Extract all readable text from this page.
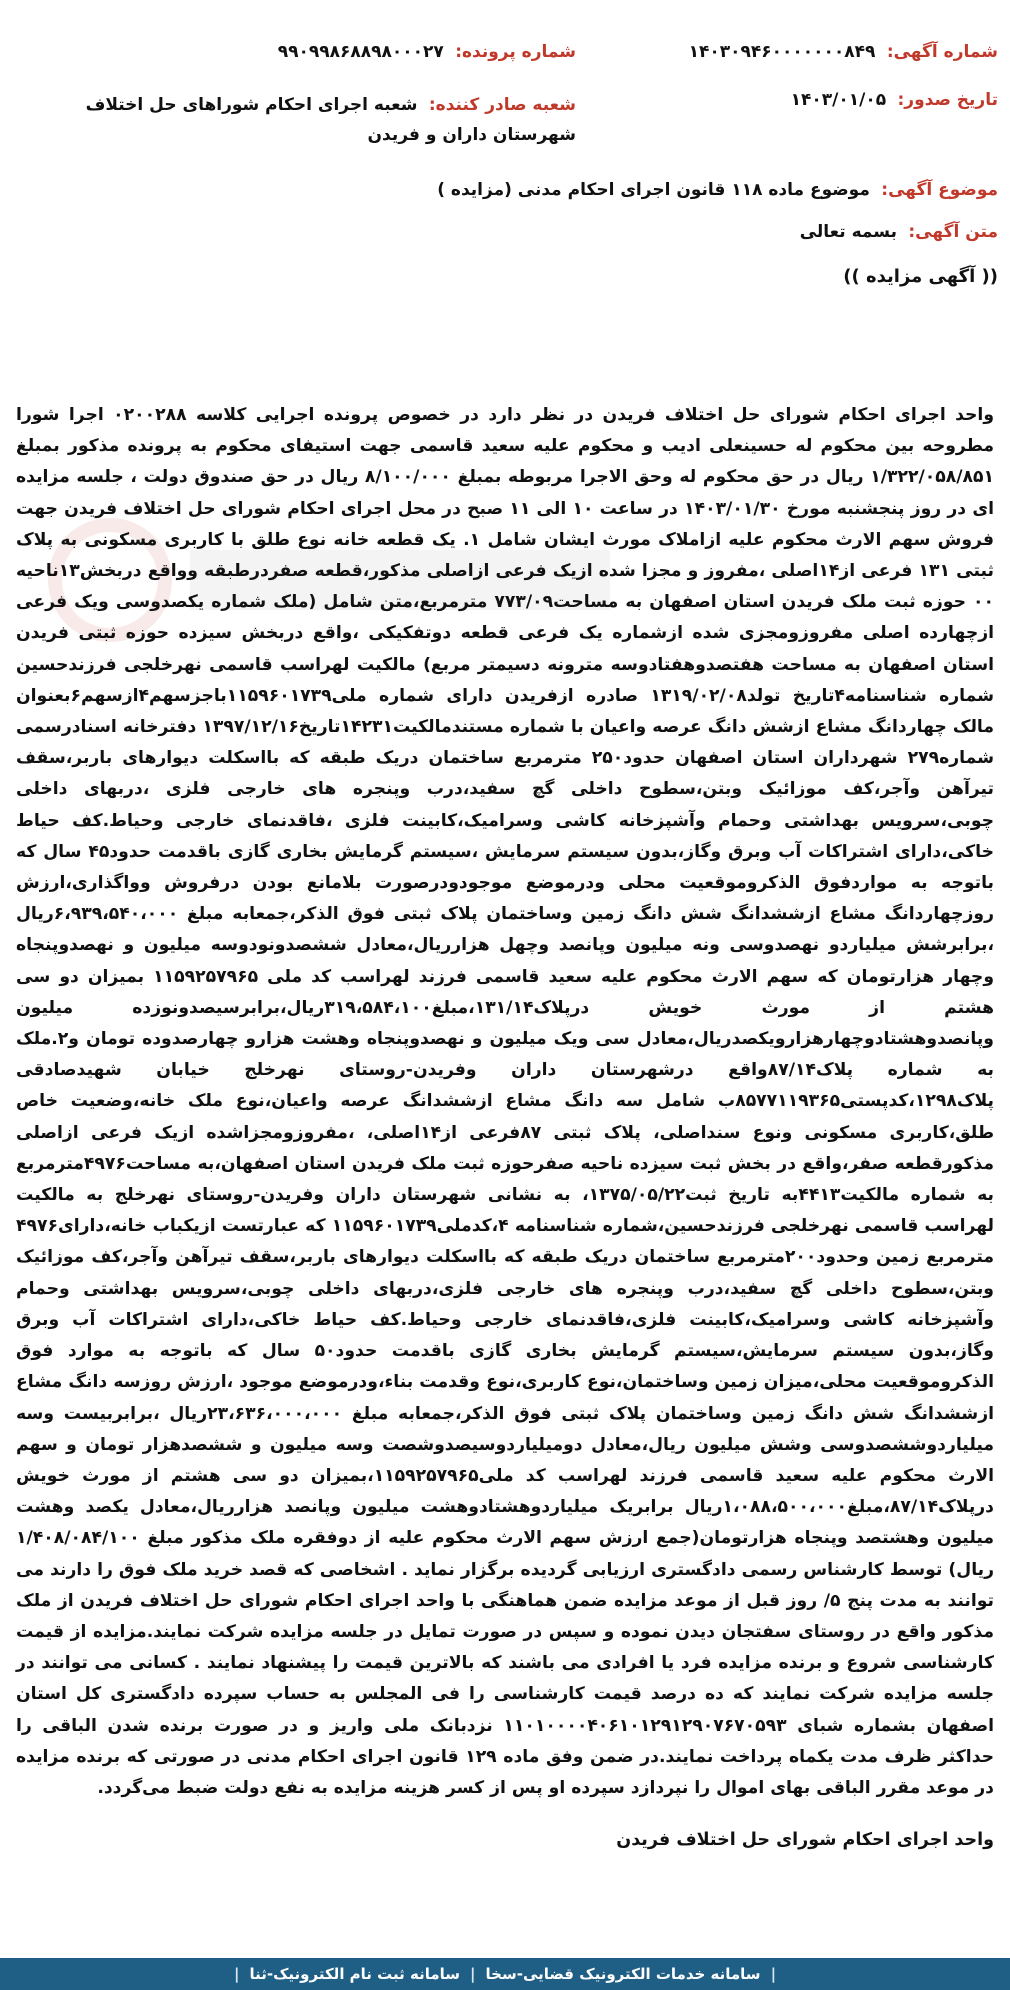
شماره آگهی: ۱۴۰۳۰۹۴۶۰۰۰۰۰۰۰۸۴۹
شماره پرونده: ۹۹۰۹۹۸۶۸۸۹۸۰۰۰۲۷
تاریخ صدور: ۱۴۰۳/۰۱/۰۵
شعبه صادر کننده: شعبه اجرای احکام شوراهای حل اختلاف شهرستان داران و فریدن
موضوع آگهی: موضوع ماده ۱۱۸ قانون اجرای احکام مدنی (مزایده )
متن آگهی: بسمه تعالی
(( آگهی مزایده ))

واحد اجرای احکام شورای حل اختلاف فریدن در نظر دارد در خصوص پرونده اجرایی کلاسه ۰۲۰۰۲۸۸ اجرا شورا مطروحه بین محکوم له حسینعلی ادیب و محکوم علیه سعید قاسمی جهت استیفای محکوم به پرونده مذکور بمبلغ ۱/۳۲۲/۰۵۸/۸۵۱ ریال در حق محکوم له وحق الاجرا مربوطه بمبلغ ۸/۱۰۰/۰۰۰ ریال در حق صندوق دولت ، جلسه مزایده ای در روز پنجشنبه مورخ ۱۴۰۳/۰۱/۳۰ در ساعت ۱۰ الی ۱۱ صبح در محل اجرای احکام شورای حل اختلاف فریدن جهت فروش سهم الارث محکوم علیه ازاملاک مورث ایشان شامل ۱. یک قطعه خانه نوع طلق با کاربری مسکونی به پلاک ثبتی ۱۳۱ فرعی از۱۴اصلی ،مفروز و مجزا شده ازیک فرعی ازاصلی مذکور،قطعه صفردرطبقه وواقع دربخش۱۳ناحیه ۰۰ حوزه ثبت ملک فریدن استان اصفهان به مساحت۷۷۳/۰۹ مترمربع،متن شامل (ملک شماره یکصدوسی ویک فرعی ازچهارده اصلی مفروزومجزی شده ازشماره یک فرعی قطعه دوتفکیکی ،واقع دربخش سیزده حوزه ثبتی فریدن استان اصفهان به مساحت هفتصدوهفتادوسه مترونه دسیمتر مربع) مالکیت لهراسب قاسمی نهرخلجی فرزندحسین شماره شناسنامه۴تاریخ تولد۱۳۱۹/۰۲/۰۸ صادره ازفریدن دارای شماره ملی۱۱۵۹۶۰۱۷۳۹باجزسهم۴ازسهم۶بعنوان مالک چهاردانگ مشاع ازشش دانگ عرصه واعیان با شماره مستندمالکیت۱۴۲۳۱تاریخ۱۳۹۷/۱۲/۱۶ دفترخانه اسنادرسمی شماره۲۷۹ شهرداران استان اصفهان حدود۲۵۰ مترمربع ساختمان دریک طبقه که بااسکلت دیوارهای باربر،سقف تیرآهن وآجر،کف موزائیک وبتن،سطوح داخلی گچ سفید،درب وپنجره های خارجی فلزی ،دربهای داخلی چوبی،سرویس بهداشتی وحمام وآشپزخانه کاشی وسرامیک،کابینت فلزی ،فاقدنمای خارجی وحیاط.کف حیاط خاکی،دارای اشتراکات آب وبرق وگاز،بدون سیستم سرمایش ،سیستم گرمایش بخاری گازی باقدمت حدود۴۵ سال که باتوجه به مواردفوق الذکروموقعیت محلی ودرموضع موجودودرصورت بلامانع بودن درفروش وواگذاری،ارزش روزچهاردانگ مشاع ازششدانگ شش دانگ زمین وساختمان پلاک ثبتی فوق الذکر،جمعابه مبلغ ۶،۹۳۹،۵۴۰،۰۰۰ریال ،برابرشش میلیاردو نهصدوسی ونه میلیون وپانصد وچهل هزارریال،معادل ششصدونودوسه میلیون و نهصدوپنجاه وچهار هزارتومان که سهم الارث محکوم علیه سعید قاسمی فرزند لهراسب کد ملی ۱۱۵۹۲۵۷۹۶۵ بمیزان دو سی هشتم از مورث خویش درپلاک۱۳۱/۱۴،مبلغ۳۱۹،۵۸۴،۱۰۰ریال،برابرسیصدونوزده میلیون وپانصدوهشتادوچهارهزارویکصدریال،معادل سی ویک میلیون و نهصدوپنجاه وهشت هزارو چهارصدوده تومان و۲.ملک به شماره پلاک۸۷/۱۴واقع درشهرستان داران وفریدن-روستای نهرخلج خیابان شهیدصادقی پلاک۱۲۹۸،کدپستی۸۵۷۷۱۱۹۳۶۵ب شامل سه دانگ مشاع ازششدانگ عرصه واعیان،نوع ملک خانه،وضعیت خاص طلق،کاربری مسکونی ونوع سنداصلی، پلاک ثبتی ۸۷فرعی از۱۴اصلی، ،مفروزومجزاشده ازیک فرعی ازاصلی مذکورقطعه صفر،واقع در بخش ثبت سیزده ناحیه صفرحوزه ثبت ملک فریدن استان اصفهان،به مساحت۴۹۷۶مترمربع به شماره مالکیت۴۴۱۳به تاریخ ثبت۱۳۷۵/۰۵/۲۲، به نشانی شهرستان داران وفریدن-روستای نهرخلج به مالکیت لهراسب قاسمی نهرخلجی فرزندحسین،شماره شناسنامه ۴،کدملی۱۱۵۹۶۰۱۷۳۹ که عبارتست ازیکباب خانه،دارای۴۹۷۶ مترمربع زمین وحدود۲۰۰مترمربع ساختمان دریک طبقه که بااسکلت دیوارهای باربر،سقف تیرآهن وآجر،کف موزائیک وبتن،سطوح داخلی گچ سفید،درب وپنجره های خارجی فلزی،دربهای داخلی چوبی،سرویس بهداشتی وحمام وآشپزخانه کاشی وسرامیک،کابینت فلزی،فاقدنمای خارجی وحیاط.کف حیاط خاکی،دارای اشتراکات آب وبرق وگاز،بدون سیستم سرمایش،سیستم گرمایش بخاری گازی باقدمت حدود۵۰ سال که باتوجه به موارد فوق الذکروموقعیت محلی،میزان زمین وساختمان،نوع کاربری،نوع وقدمت بناء،ودرموضع موجود ،ارزش روزسه دانگ مشاع ازششدانگ شش دانگ زمین وساختمان پلاک ثبتی فوق الذکر،جمعابه مبلغ ۲۳،۶۳۶،۰۰۰،۰۰۰ریال ،برابربیست وسه میلیاردوششصدوسی وشش میلیون ریال،معادل دومیلیاردوسیصدوشصت وسه میلیون و ششصدهزار تومان و سهم الارث محکوم علیه سعید قاسمی فرزند لهراسب کد ملی۱۱۵۹۲۵۷۹۶۵،بمیزان دو سی هشتم از مورث خویش درپلاک۸۷/۱۴،مبلغ۱،۰۸۸،۵۰۰،۰۰۰ریال برابریک میلیاردوهشتادوهشت میلیون وپانصد هزارریال،معادل یکصد وهشت میلیون وهشتصد وپنجاه هزارتومان(جمع ارزش سهم الارث محکوم علیه از دوفقره ملک مذکور مبلغ ۱/۴۰۸/۰۸۴/۱۰۰ ریال) توسط کارشناس رسمی دادگستری ارزیابی گردیده برگزار نماید . اشخاصی که قصد خرید ملک فوق را دارند می توانند به مدت پنج ۵/ روز قبل از موعد مزایده ضمن هماهنگی با واحد اجرای احکام شورای حل اختلاف فریدن از ملک مذکور واقع در روستای سفتجان دیدن نموده و سپس در صورت تمایل در جلسه مزایده شرکت نمایند.مزایده از قیمت کارشناسی شروع و برنده مزایده فرد یا افرادی می باشند که بالاترین قیمت را پیشنهاد نمایند . کسانی می توانند در جلسه مزایده شرکت نمایند که ده درصد قیمت کارشناسی را فی المجلس به حساب سپرده دادگستری کل استان اصفهان بشماره شبای ۱۱۰۱۰۰۰۰۴۰۶۱۰۱۲۹۱۲۹۰۷۶۷۰۵۹۳ نزدبانک ملی واریز و در صورت برنده شدن الباقی را حداکثر ظرف مدت یکماه پرداخت نمایند.در ضمن وفق ماده ۱۲۹ قانون اجرای احکام مدنی در صورتی که برنده مزایده در موعد مقرر الباقی بهای اموال را نپردازد سپرده او پس از کسر هزینه مزایده به نفع دولت ضبط می‌گردد.

واحد اجرای احکام شورای حل اختلاف فریدن
|
سامانه خدمات الکترونیک قضایی-سخا
|
سامانه ثبت نام الکترونیک-ثنا
|
